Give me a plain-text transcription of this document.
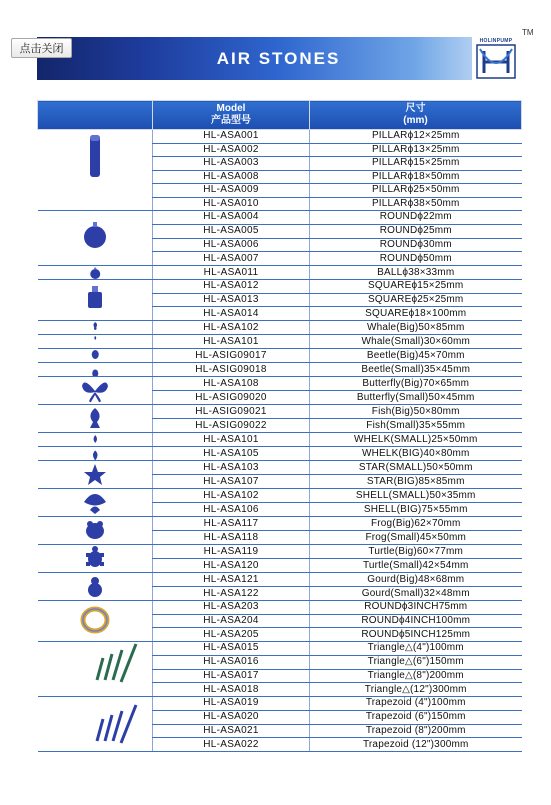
点击关闭
TM
AIR STONES
HOLINPUMP
	Model
产品型号	尺寸
(mm)

	HL-ASA001	PILLARϕ12×25mm
	HL-ASA002	PILLARϕ13×25mm
	HL-ASA003	PILLARϕ15×25mm
	HL-ASA008	PILLARϕ18×50mm
	HL-ASA009	PILLARϕ25×50mm
	HL-ASA010	PILLARϕ38×50mm

	HL-ASA004	ROUNDϕ22mm
	HL-ASA005	ROUNDϕ25mm
	HL-ASA006	ROUNDϕ30mm
	HL-ASA007	ROUNDϕ50mm

	HL-ASA011	BALLϕ38×33mm

	HL-ASA012	SQUAREϕ15×25mm
	HL-ASA013	SQUAREϕ25×25mm
	HL-ASA014	SQUAREϕ18×100mm

	HL-ASA102	Whale(Big)50×85mm

	HL-ASA101	Whale(Small)30×60mm

	HL-ASIG09017	Beetle(Big)45×70mm

	HL-ASIG09018	Beetle(Small)35×45mm

	HL-ASA108	Butterfly(Big)70×65mm
	HL-ASIG09020	Butterfly(Small)50×45mm

	HL-ASIG09021	Fish(Big)50×80mm
	HL-ASIG09022	Fish(Small)35×55mm

	HL-ASA101	WHELK(SMALL)25×50mm

	HL-ASA105	WHELK(BIG)40×80mm

	HL-ASA103	STAR(SMALL)50×50mm
	HL-ASA107	STAR(BIG)85×85mm

	HL-ASA102	SHELL(SMALL)50×35mm
	HL-ASA106	SHELL(BIG)75×55mm

	HL-ASA117	Frog(Big)62×70mm
	HL-ASA118	Frog(Small)45×50mm

	HL-ASA119	Turtle(Big)60×77mm
	HL-ASA120	Turtle(Small)42×54mm

	HL-ASA121	Gourd(Big)48×68mm
	HL-ASA122	Gourd(Small)32×48mm

	HL-ASA203	ROUNDϕ3INCH75mm
	HL-ASA204	ROUNDϕ4INCH100mm
	HL-ASA205	ROUNDϕ5INCH125mm

	HL-ASA015	Triangle△(4")100mm
	HL-ASA016	Triangle△(6")150mm
	HL-ASA017	Triangle△(8")200mm
	HL-ASA018	Triangle△(12")300mm

	HL-ASA019	Trapezoid (4")100mm
	HL-ASA020	Trapezoid (6")150mm
	HL-ASA021	Trapezoid (8")200mm
	HL-ASA022	Trapezoid (12")300mm
